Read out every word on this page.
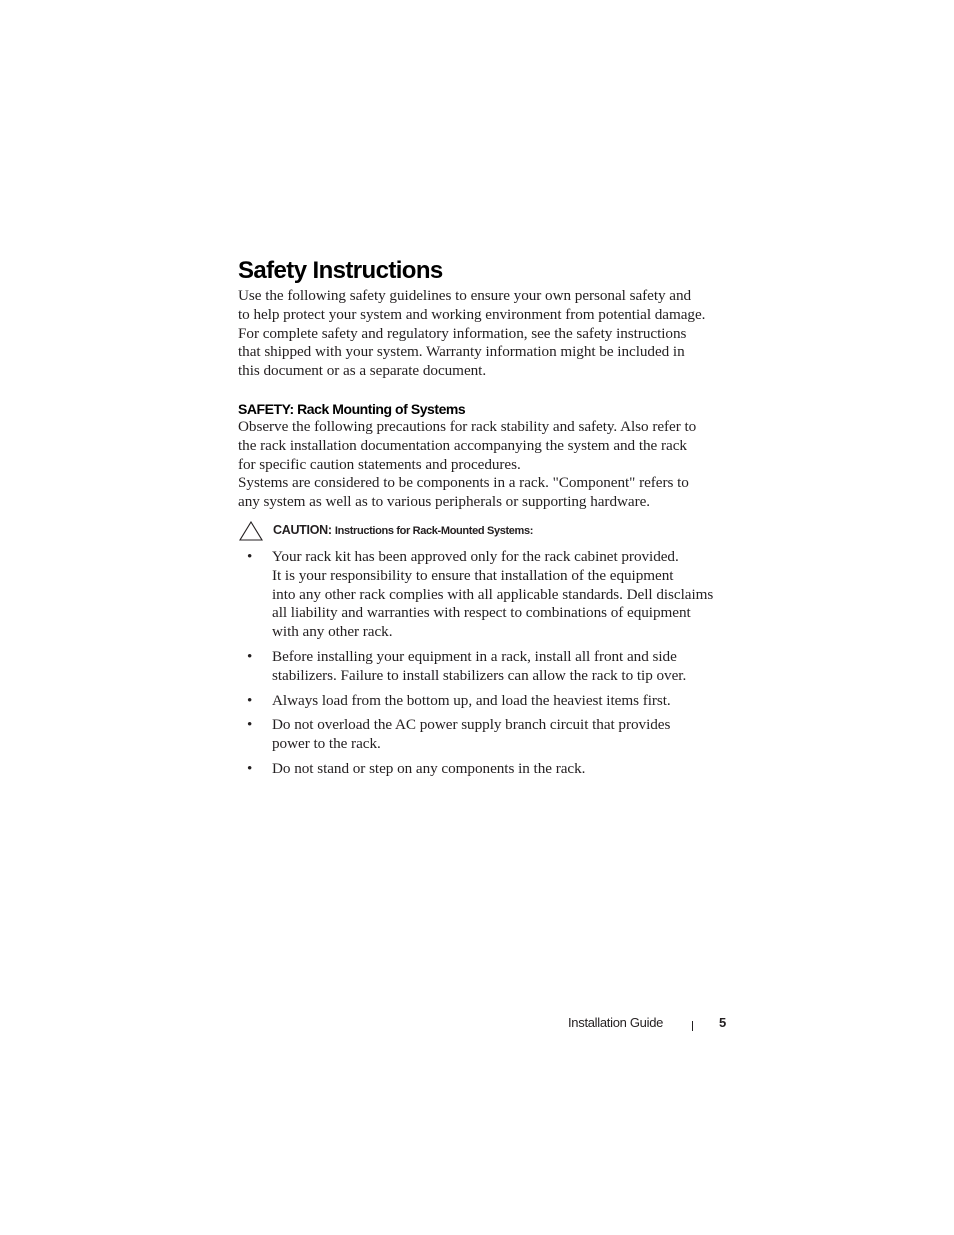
Safety Instructions

Use the following safety guidelines to ensure your own personal safety and
to help protect your system and working environment from potential damage.
For complete safety and regulatory information, see the safety instructions
that shipped with your system. Warranty information might be included in
this document or as a separate document.

SAFETY: Rack Mounting of Systems

Observe the following precautions for rack stability and safety. Also refer to
the rack installation documentation accompanying the system and the rack
for specific caution statements and procedures.

Systems are considered to be components in a rack. "Component" refers to
any system as well as to various peripherals or supporting hardware.

CAUTION: Instructions for Rack-Mounted Systems:
• Your rack kit has been approved only for the rack cabinet provided.
It is your responsibility to ensure that installation of the equipment
into any other rack complies with all applicable standards. Dell disclaims
all liability and warranties with respect to combinations of equipment
with any other rack.
• Before installing your equipment in a rack, install all front and side
stabilizers. Failure to install stabilizers can allow the rack to tip over.
• Always load from the bottom up, and load the heaviest items first.
• Do not overload the AC power supply branch circuit that provides
power to the rack.
• Do not stand or step on any components in the rack.
Installation Guide	5
